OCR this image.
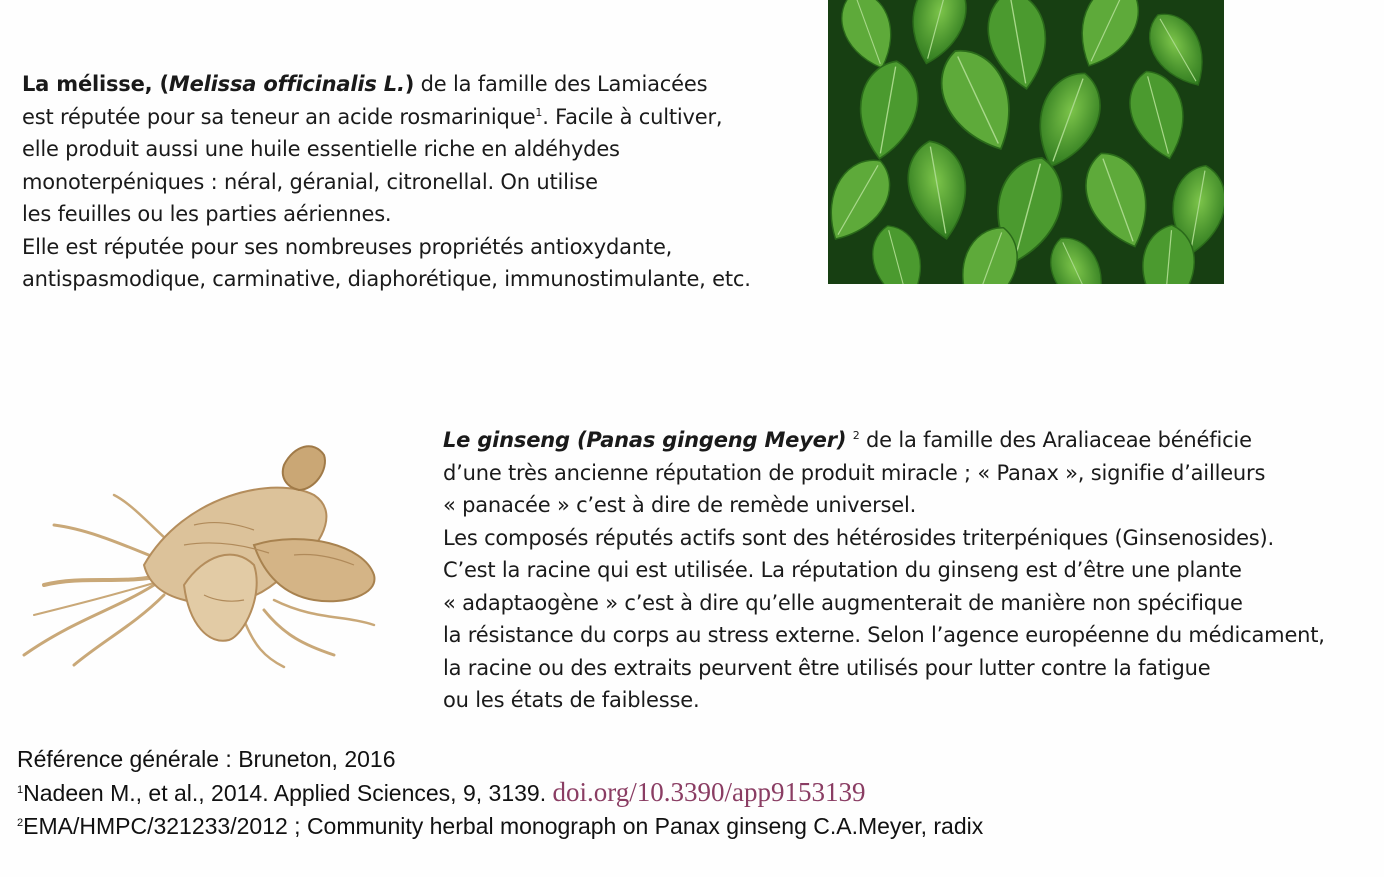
La mélisse, (Melissa officinalis L.) de la famille des Lamiacées
est réputée pour sa teneur an acide rosmarinique$^1$. Facile à cultiver,
elle produit aussi une huile essentielle riche en aldéhydes
monoterpéniques : néral, géranial, citronellal. On utilise
les feuilles ou les parties aériennes.
Elle est réputée pour ses nombreuses propriétés antioxydante,
antispasmodique, carminative, diaphorétique, immunostimulante, etc.
Le ginseng (Panas gingeng Meyer) $^2$ de la famille des Araliaceae bénéficie
d’une très ancienne réputation de produit miracle ; « Panax », signifie d’ailleurs
« panacée » c’est à dire de remède universel.
Les composés réputés actifs sont des hétérosides triterpéniques (Ginsenosides).
C’est la racine qui est utilisée. La réputation du ginseng est d’être une plante
« adaptaogène » c’est à dire qu’elle augmenterait de manière non spécifique
la résistance du corps au stress externe. Selon l’agence européenne du médicament,
la racine ou des extraits peurvent être utilisés pour lutter contre la fatigue
ou les états de faiblesse.
Référence générale : Bruneton, 2016
$^1$Nadeen M., et al., 2014. Applied Sciences, 9, 3139. doi.org/10.3390/app9153139
$^2$EMA/HMPC/321233/2012 ; Community herbal monograph on Panax ginseng C.A.Meyer, radix
